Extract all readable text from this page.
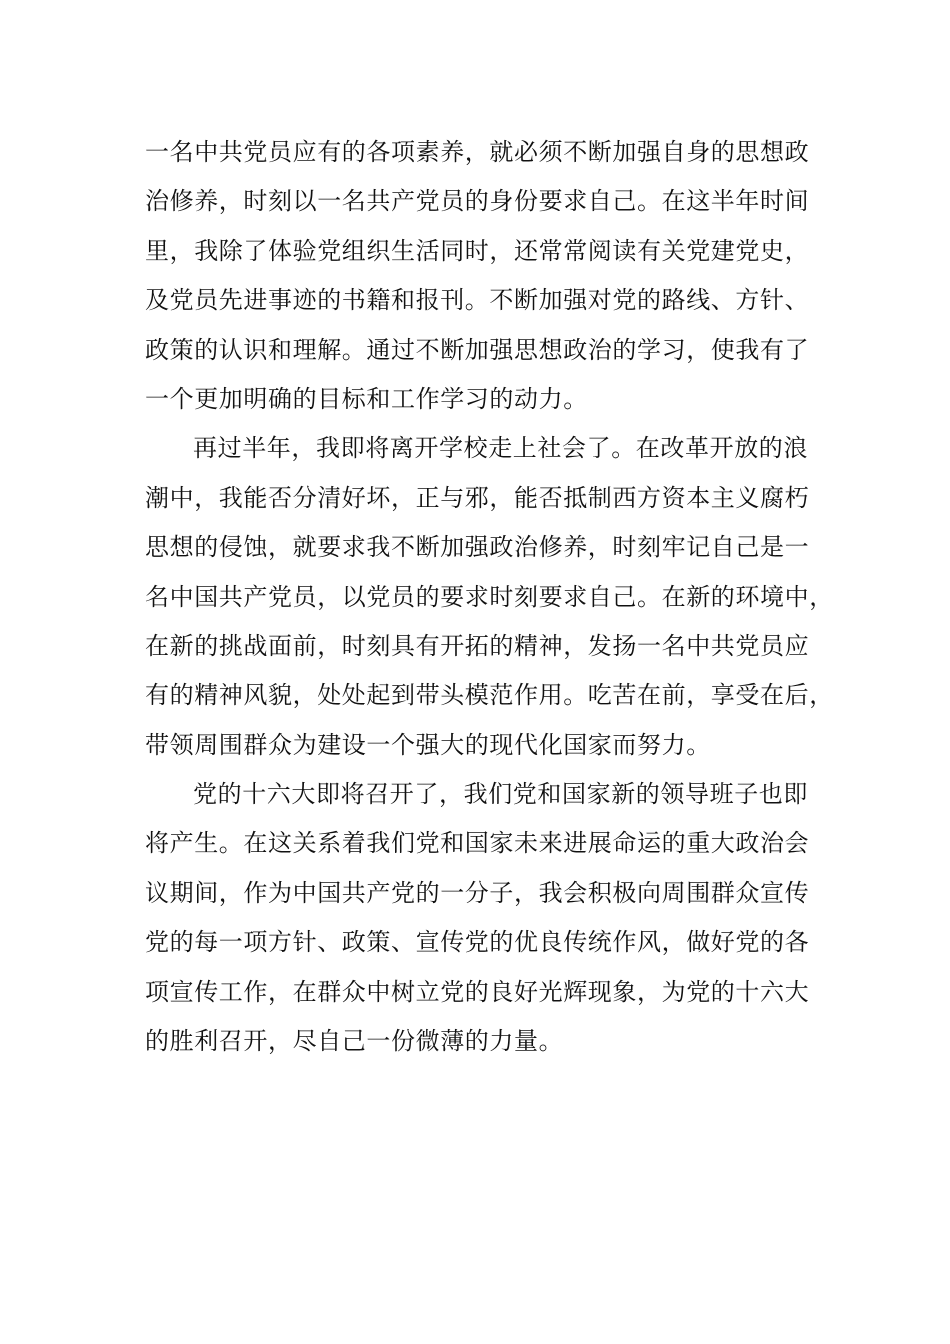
一名中共党员应有的各项素养，就必须不断加强自身的思想政
治修养，时刻以一名共产党员的身份要求自己。在这半年时间
里，我除了体验党组织生活同时，还常常阅读有关党建党史，
及党员先进事迹的书籍和报刊。不断加强对党的路线、方针、
政策的认识和理解。通过不断加强思想政治的学习，使我有了
一个更加明确的目标和工作学习的动力。
再过半年，我即将离开学校走上社会了。在改革开放的浪
潮中，我能否分清好坏，正与邪，能否抵制西方资本主义腐朽
思想的侵蚀，就要求我不断加强政治修养，时刻牢记自己是一
名中国共产党员，以党员的要求时刻要求自己。在新的环境中，
在新的挑战面前，时刻具有开拓的精神，发扬一名中共党员应
有的精神风貌，处处起到带头模范作用。吃苦在前，享受在后，
带领周围群众为建设一个强大的现代化国家而努力。
党的十六大即将召开了，我们党和国家新的领导班子也即
将产生。在这关系着我们党和国家未来进展命运的重大政治会
议期间，作为中国共产党的一分子，我会积极向周围群众宣传
党的每一项方针、政策、宣传党的优良传统作风，做好党的各
项宣传工作，在群众中树立党的良好光辉现象，为党的十六大
的胜利召开，尽自己一份微薄的力量。
